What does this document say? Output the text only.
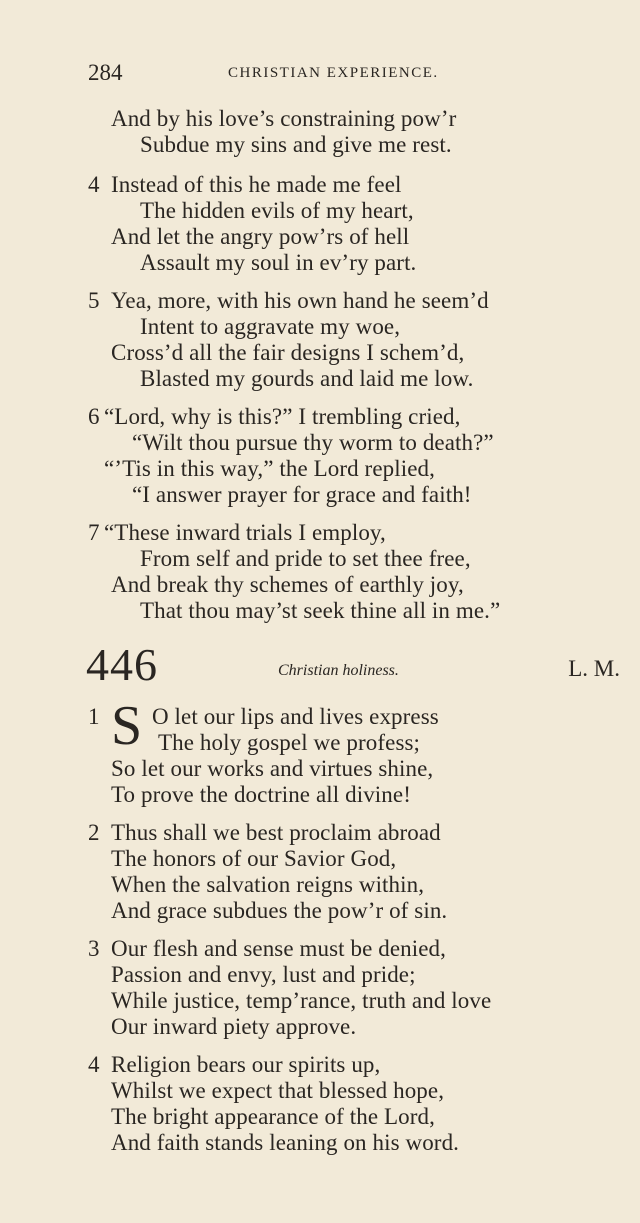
284	CHRISTIAN EXPERIENCE.
And by his love’s constraining pow’r
Subdue my sins and give me rest.
4 Instead of this he made me feel
The hidden evils of my heart,
And let the angry pow’rs of hell
Assault my soul in ev’ry part.
5 Yea, more, with his own hand he seem’d
Intent to aggravate my woe,
Cross’d all the fair designs I schem’d,
Blasted my gourds and laid me low.
6 “Lord, why is this?” I trembling cried,
“Wilt thou pursue thy worm to death?”
“’Tis in this way,” the Lord replied,
“I answer prayer for grace and faith!
7 “These inward trials I employ,
From self and pride to set thee free,
And break thy schemes of earthly joy,
That thou may’st seek thine all in me.”
446	Christian holiness.	L. M.
1 S O let our lips and lives express
The holy gospel we profess;
So let our works and virtues shine,
To prove the doctrine all divine!
2 Thus shall we best proclaim abroad
The honors of our Savior God,
When the salvation reigns within,
And grace subdues the pow’r of sin.
3 Our flesh and sense must be denied,
Passion and envy, lust and pride;
While justice, temp’rance, truth and love
Our inward piety approve.
4 Religion bears our spirits up,
Whilst we expect that blessed hope,
The bright appearance of the Lord,
And faith stands leaning on his word.
